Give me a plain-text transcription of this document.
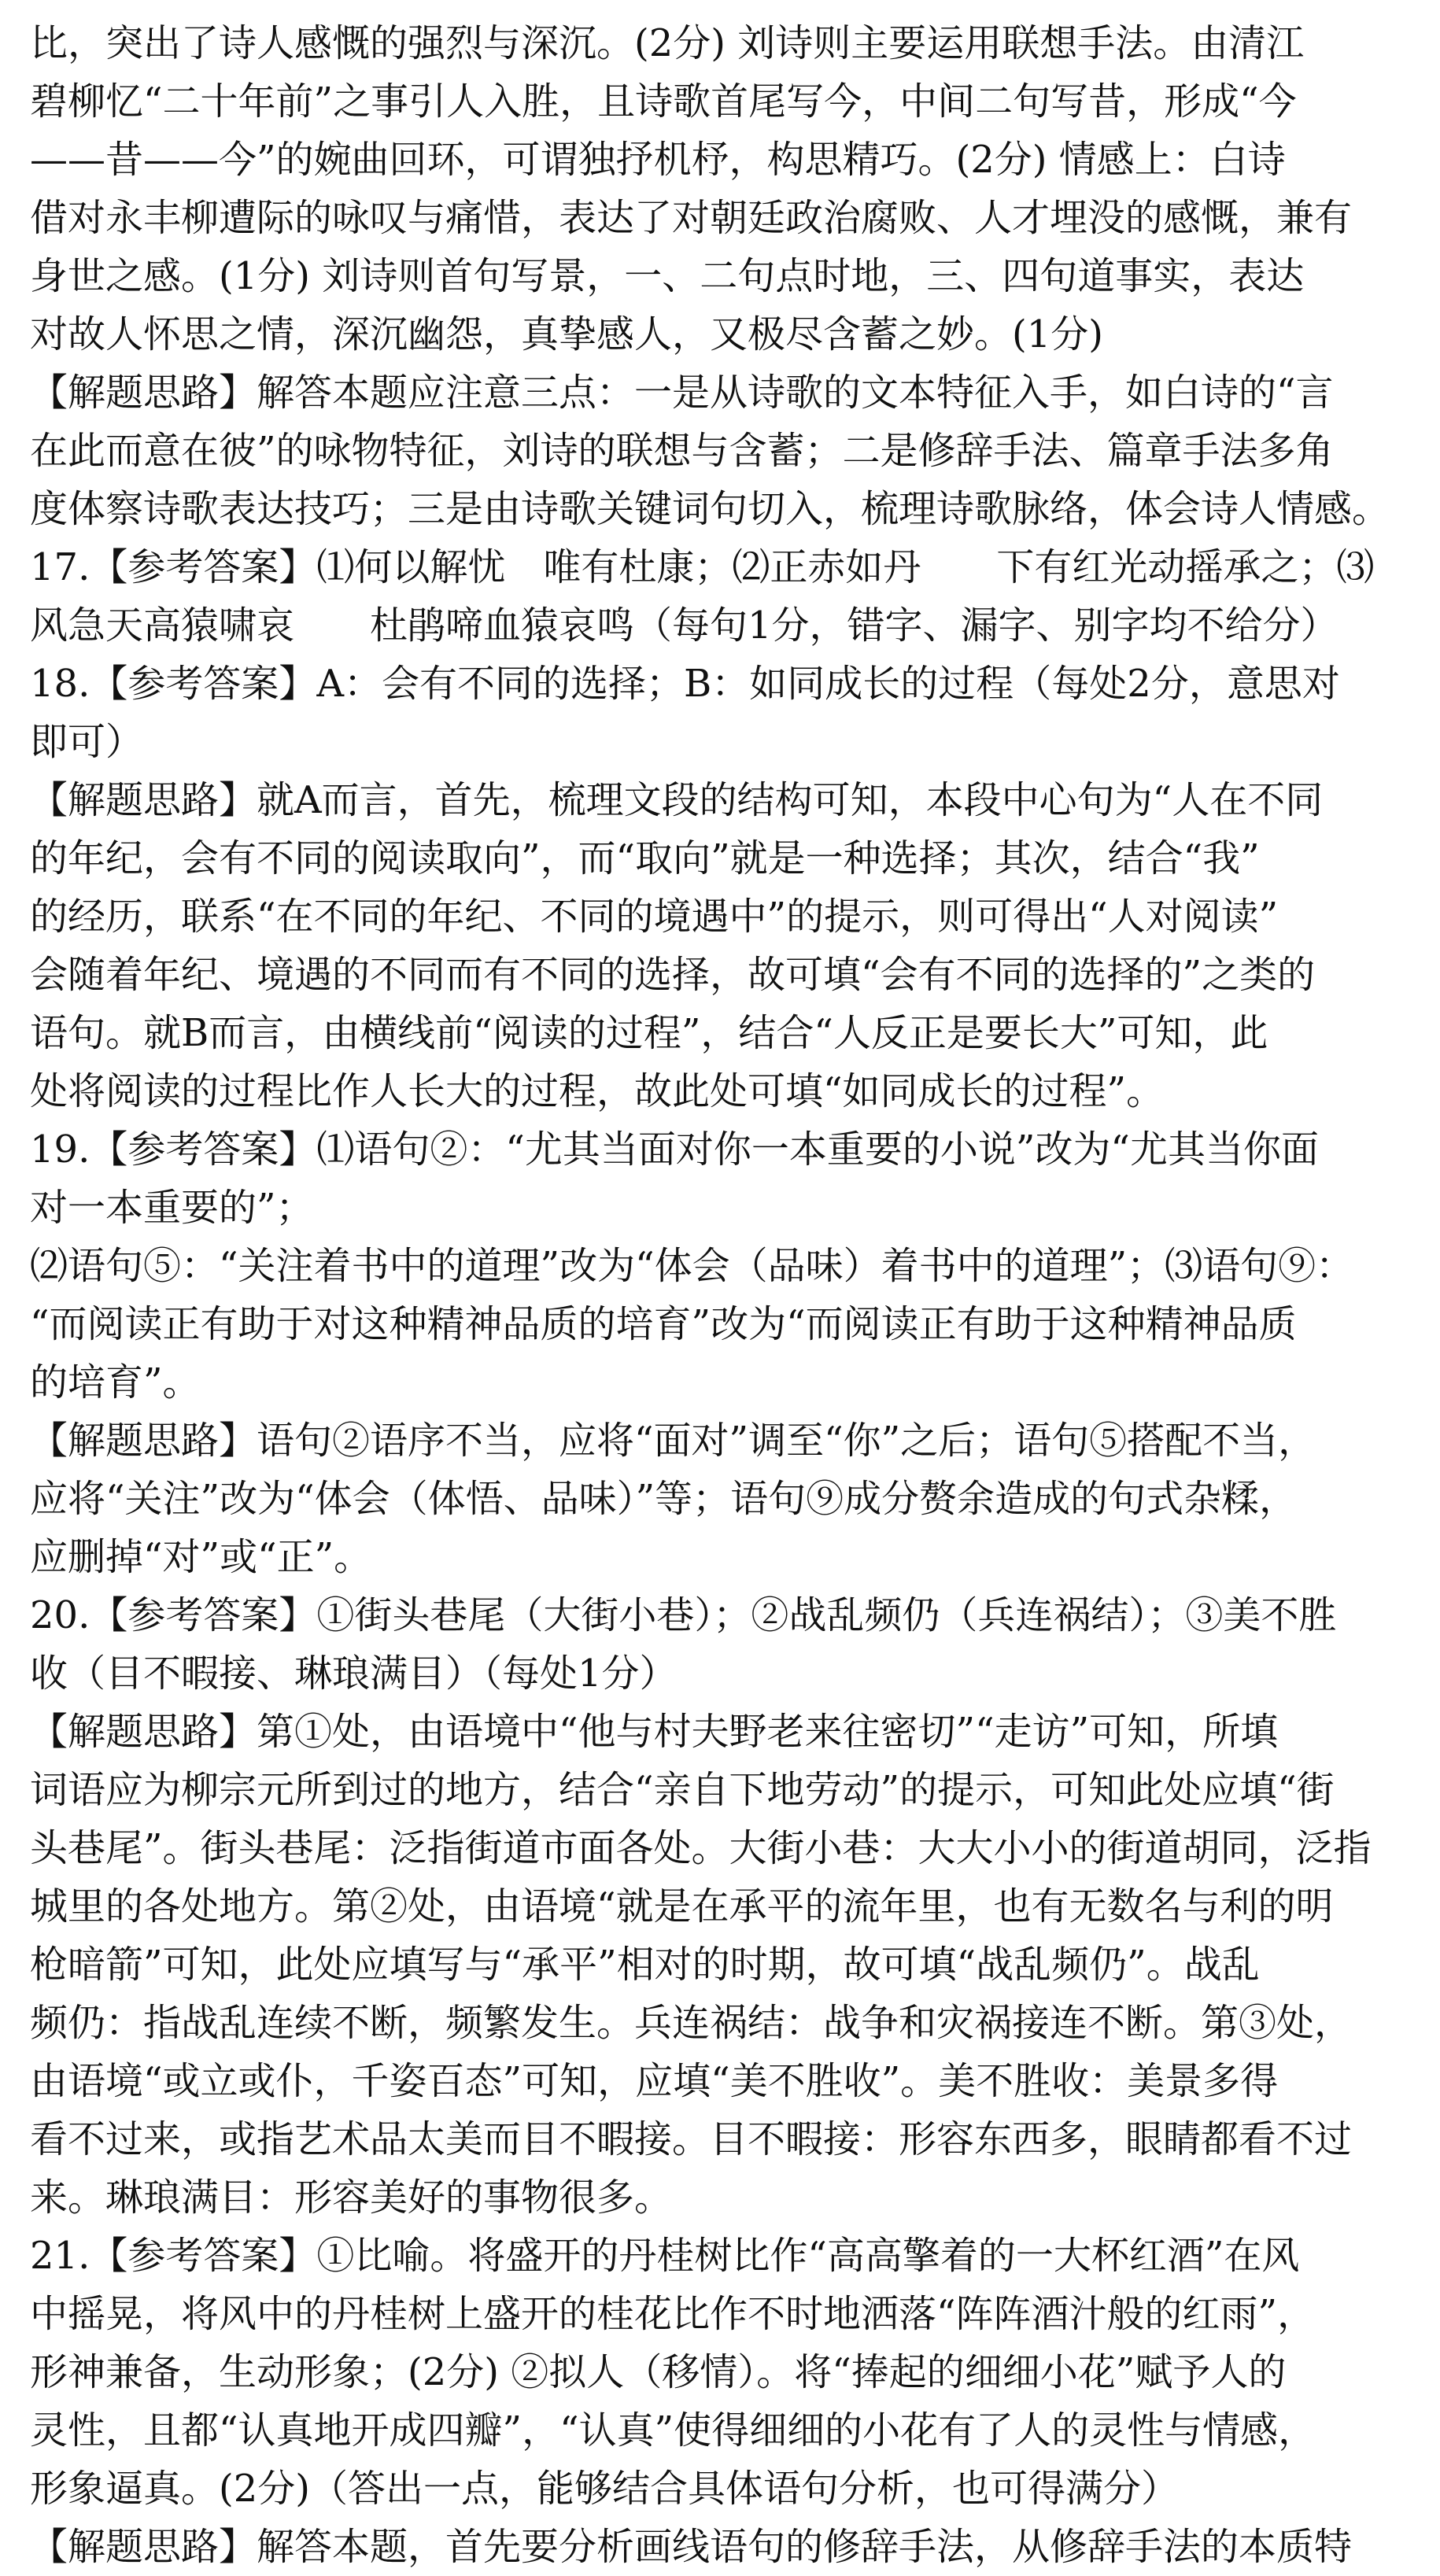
比，突出了诗人感慨的强烈与深沉。(2分) 刘诗则主要运用联想手法。由清江
碧柳忆“二十年前”之事引人入胜，且诗歌首尾写今，中间二句写昔，形成“今
——昔——今”的婉曲回环，可谓独抒机杼，构思精巧。(2分) 情感上：白诗
借对永丰柳遭际的咏叹与痛惜，表达了对朝廷政治腐败、人才埋没的感慨，兼有
身世之感。(1分) 刘诗则首句写景，一、二句点时地，三、四句道事实，表达
对故人怀思之情，深沉幽怨，真挚感人，又极尽含蓄之妙。(1分)
【解题思路】解答本题应注意三点：一是从诗歌的文本特征入手，如白诗的“言
在此而意在彼”的咏物特征，刘诗的联想与含蓄；二是修辞手法、篇章手法多角
度体察诗歌表达技巧；三是由诗歌关键词句切入，梳理诗歌脉络，体会诗人情感。
17.【参考答案】⑴何以解忧　唯有杜康；⑵正赤如丹　　下有红光动摇承之；⑶
风急天高猿啸哀　　杜鹃啼血猿哀鸣（每句1分，错字、漏字、别字均不给分）
18.【参考答案】A：会有不同的选择；B：如同成长的过程（每处2分，意思对
即可）
【解题思路】就A而言，首先，梳理文段的结构可知，本段中心句为“人在不同
的年纪，会有不同的阅读取向”，而“取向”就是一种选择；其次，结合“我”
的经历，联系“在不同的年纪、不同的境遇中”的提示，则可得出“人对阅读”
会随着年纪、境遇的不同而有不同的选择，故可填“会有不同的选择的”之类的
语句。就B而言，由横线前“阅读的过程”，结合“人反正是要长大”可知，此
处将阅读的过程比作人长大的过程，故此处可填“如同成长的过程”。
19.【参考答案】⑴语句②：“尤其当面对你一本重要的小说”改为“尤其当你面
对一本重要的”；
⑵语句⑤：“关注着书中的道理”改为“体会（品味）着书中的道理”；⑶语句⑨：
“而阅读正有助于对这种精神品质的培育”改为“而阅读正有助于这种精神品质
的培育”。
【解题思路】语句②语序不当，应将“面对”调至“你”之后；语句⑤搭配不当，
应将“关注”改为“体会（体悟、品味）”等；语句⑨成分赘余造成的句式杂糅，
应删掉“对”或“正”。
20.【参考答案】①街头巷尾（大街小巷）；②战乱频仍（兵连祸结）；③美不胜
收（目不暇接、琳琅满目）（每处1分）
【解题思路】第①处，由语境中“他与村夫野老来往密切”“走访”可知，所填
词语应为柳宗元所到过的地方，结合“亲自下地劳动”的提示，可知此处应填“街
头巷尾”。街头巷尾：泛指街道市面各处。大街小巷：大大小小的街道胡同，泛指
城里的各处地方。第②处，由语境“就是在承平的流年里，也有无数名与利的明
枪暗箭”可知，此处应填写与“承平”相对的时期，故可填“战乱频仍”。战乱
频仍：指战乱连续不断，频繁发生。兵连祸结：战争和灾祸接连不断。第③处，
由语境“或立或仆，千姿百态”可知，应填“美不胜收”。美不胜收：美景多得
看不过来，或指艺术品太美而目不暇接。目不暇接：形容东西多，眼睛都看不过
来。琳琅满目：形容美好的事物很多。
21.【参考答案】①比喻。将盛开的丹桂树比作“高高擎着的一大杯红酒”在风
中摇晃，将风中的丹桂树上盛开的桂花比作不时地洒落“阵阵酒汁般的红雨”，
形神兼备，生动形象；(2分) ②拟人（移情）。将“捧起的细细小花”赋予人的
灵性，且都“认真地开成四瓣”，“认真”使得细细的小花有了人的灵性与情感，
形象逼真。(2分)（答出一点，能够结合具体语句分析，也可得满分）
【解题思路】解答本题，首先要分析画线语句的修辞手法，从修辞手法的本质特
